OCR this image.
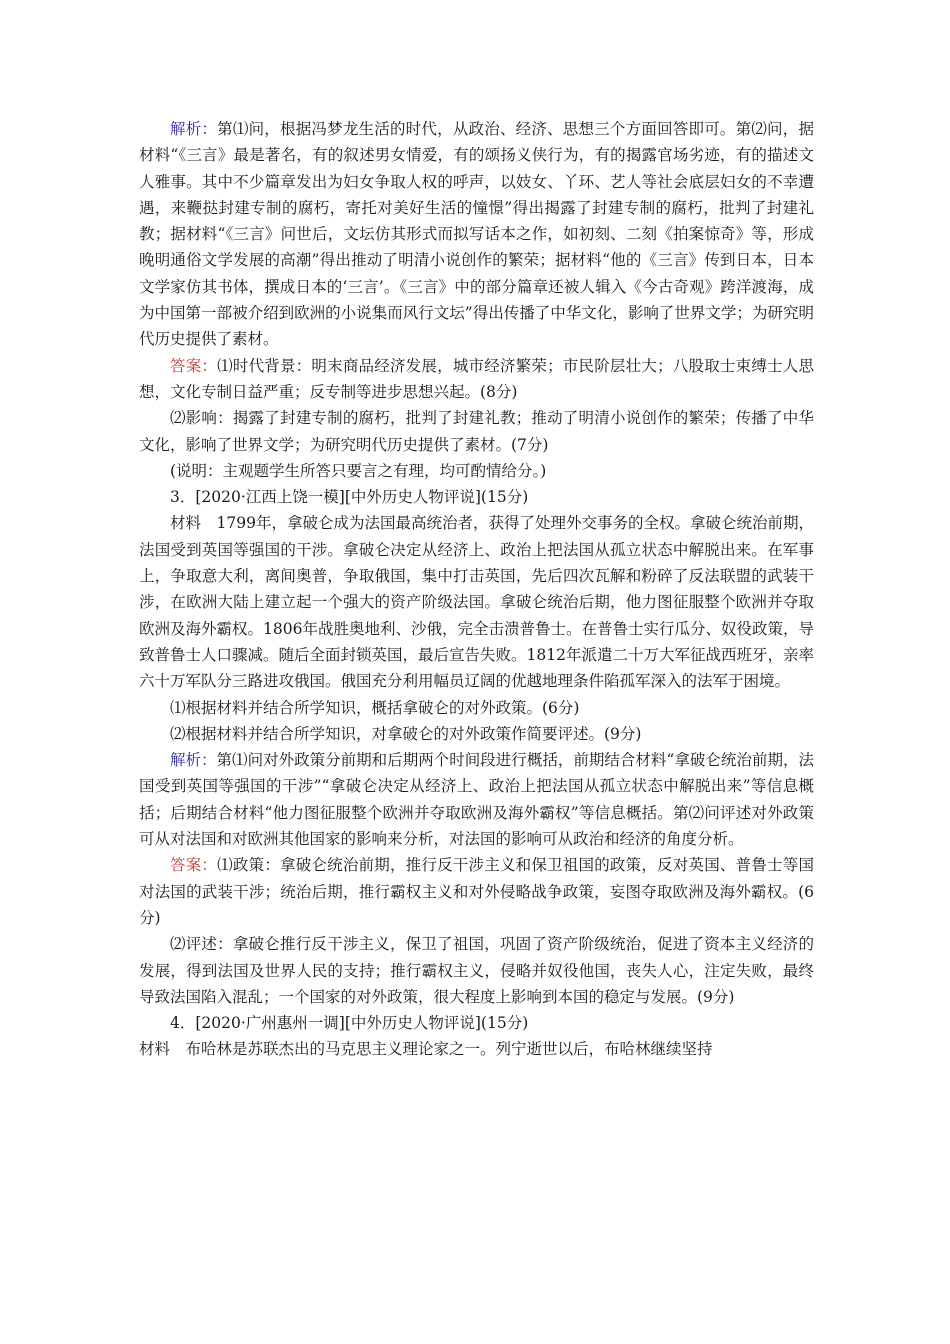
解析：第⑴问，根据冯梦龙生活的时代，从政治、经济、思想三个方面回答即可。第⑵问，据材料“《三言》最是著名，有的叙述男女情爱，有的颂扬义侠行为，有的揭露官场劣迹，有的描述文人雅事。其中不少篇章发出为妇女争取人权的呼声，以妓女、丫环、艺人等社会底层妇女的不幸遭遇，来鞭挞封建专制的腐朽，寄托对美好生活的憧憬”得出揭露了封建专制的腐朽，批判了封建礼教；据材料“《三言》问世后，文坛仿其形式而拟写话本之作，如初刻、二刻《拍案惊奇》等，形成晚明通俗文学发展的高潮”得出推动了明清小说创作的繁荣；据材料“他的《三言》传到日本，日本文学家仿其书体，撰成日本的‘三言’。《三言》中的部分篇章还被人辑入《今古奇观》跨洋渡海，成为中国第一部被介绍到欧洲的小说集而风行文坛”得出传播了中华文化，影响了世界文学；为研究明代历史提供了素材。

答案：⑴时代背景：明末商品经济发展，城市经济繁荣；市民阶层壮大；八股取士束缚士人思想，文化专制日益严重；反专制等进步思想兴起。(8分)

⑵影响：揭露了封建专制的腐朽，批判了封建礼教；推动了明清小说创作的繁荣；传播了中华文化，影响了世界文学；为研究明代历史提供了素材。(7分)

(说明：主观题学生所答只要言之有理，均可酌情给分。)

3．[2020·江西上饶一模][中外历史人物评说](15分)

材料　1799年，拿破仑成为法国最高统治者，获得了处理外交事务的全权。拿破仑统治前期，法国受到英国等强国的干涉。拿破仑决定从经济上、政治上把法国从孤立状态中解脱出来。在军事上，争取意大利，离间奥普，争取俄国，集中打击英国，先后四次瓦解和粉碎了反法联盟的武装干涉，在欧洲大陆上建立起一个强大的资产阶级法国。拿破仑统治后期，他力图征服整个欧洲并夺取欧洲及海外霸权。1806年战胜奥地利、沙俄，完全击溃普鲁士。在普鲁士实行瓜分、奴役政策，导致普鲁士人口骤减。随后全面封锁英国，最后宣告失败。1812年派遣二十万大军征战西班牙，亲率六十万军队分三路进攻俄国。俄国充分利用幅员辽阔的优越地理条件陷孤军深入的法军于困境。

⑴根据材料并结合所学知识，概括拿破仑的对外政策。(6分)

⑵根据材料并结合所学知识，对拿破仑的对外政策作简要评述。(9分)

解析：第⑴问对外政策分前期和后期两个时间段进行概括，前期结合材料“拿破仑统治前期，法国受到英国等强国的干涉”“拿破仑决定从经济上、政治上把法国从孤立状态中解脱出来”等信息概括；后期结合材料“他力图征服整个欧洲并夺取欧洲及海外霸权”等信息概括。第⑵问评述对外政策可从对法国和对欧洲其他国家的影响来分析，对法国的影响可从政治和经济的角度分析。

答案：⑴政策：拿破仑统治前期，推行反干涉主义和保卫祖国的政策，反对英国、普鲁士等国对法国的武装干涉；统治后期，推行霸权主义和对外侵略战争政策，妄图夺取欧洲及海外霸权。(6分)

⑵评述：拿破仑推行反干涉主义，保卫了祖国，巩固了资产阶级统治，促进了资本主义经济的发展，得到法国及世界人民的支持；推行霸权主义，侵略并奴役他国，丧失人心，注定失败，最终导致法国陷入混乱；一个国家的对外政策，很大程度上影响到本国的稳定与发展。(9分)

4．[2020·广州惠州一调][中外历史人物评说](15分)

材料　布哈林是苏联杰出的马克思主义理论家之一。列宁逝世以后，布哈林继续坚持
